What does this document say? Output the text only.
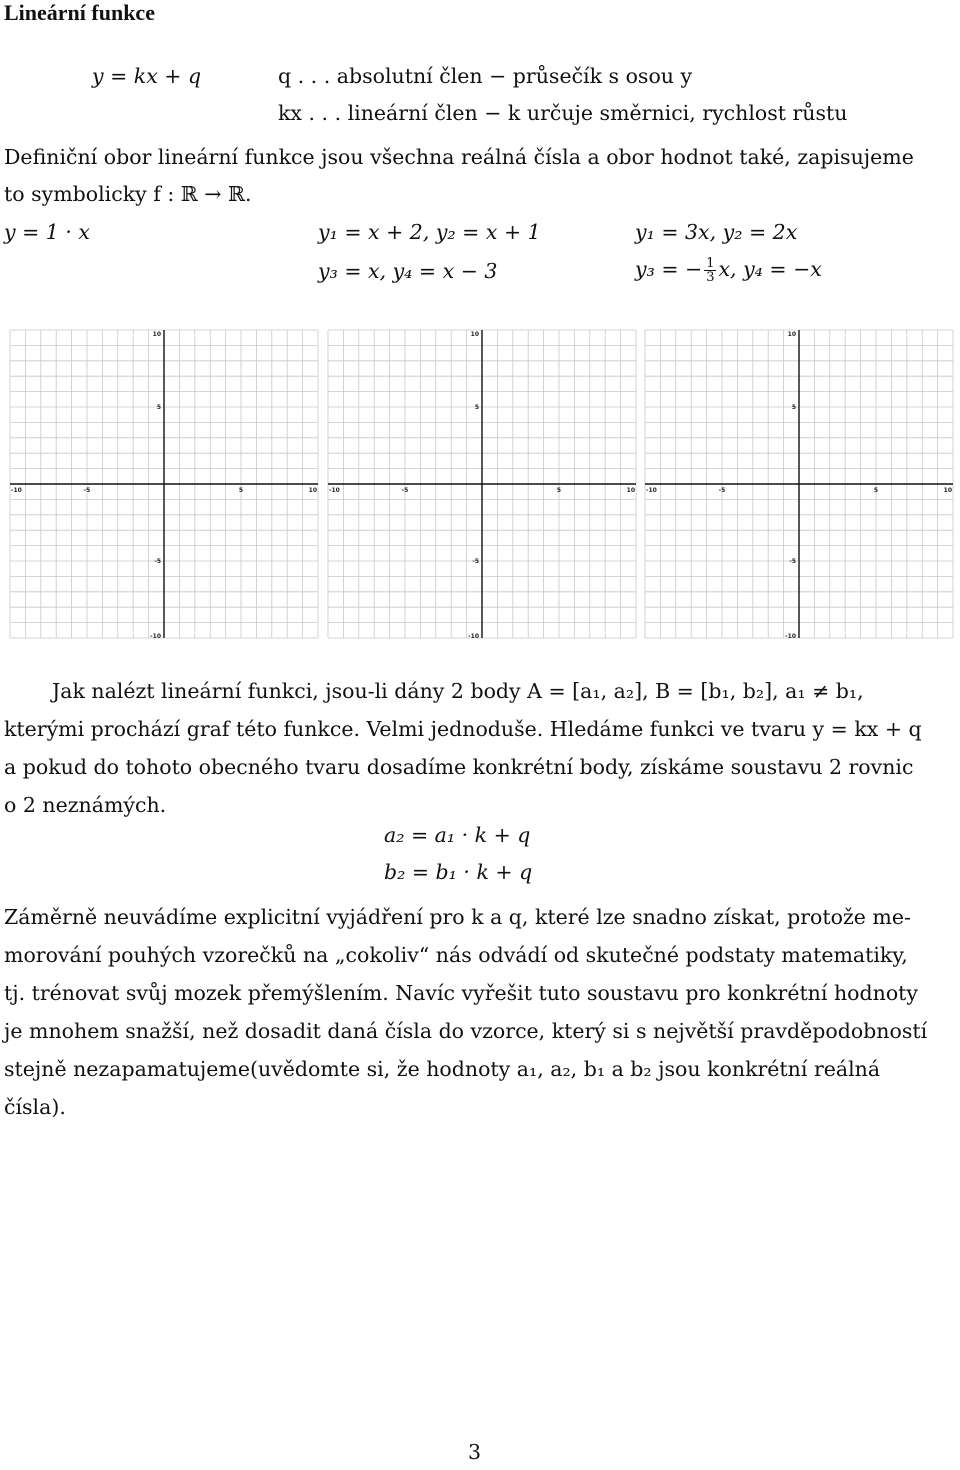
Lineární funkce
y = kx + q	q . . . absolutní člen − průsečík s osou y
kx . . . lineární člen − k určuje směrnici, rychlost růstu
Definiční obor lineární funkce jsou všechna reálná čísla a obor hodnot také, zapisujeme
to symbolicky f : ℝ → ℝ.
y = 1 · x	y₁ = x + 2, y₂ = x + 1
y₃ = x, y₄ = x − 3
y₁ = 3x, y₂ = 2x
y₃ = − $\frac{1}{3} x$, y₄ = −x
-10	-5	5	10
10
5
-5
-10
-10	-5	5	10
10
5
-5
-10
-10	-5	5	10
10
5
-5
-10

Jak nalézt lineární funkci, jsou-li dány 2 body A = [a₁, a₂], B = [b₁, b₂], a₁ ≠ b₁,

kterými prochází graf této funkce. Velmi jednoduše. Hledáme funkci ve tvaru y = kx + q

a pokud do tohoto obecného tvaru dosadíme konkrétní body, získáme soustavu 2 rovnic

o 2 neznámých.

a₂ = a₁ · k + q
b₂ = b₁ · k + q

Záměrně neuvádíme explicitní vyjádření pro k a q, které lze snadno získat, protože me-

morování pouhých vzorečků na „cokoliv“ nás odvádí od skutečné podstaty matematiky,

tj. trénovat svůj mozek přemýšlením. Navíc vyřešit tuto soustavu pro konkrétní hodnoty

je mnohem snažší, než dosadit daná čísla do vzorce, který si s největší pravděpodobností

stejně nezapamatujeme(uvědomte si, že hodnoty a₁, a₂, b₁ a b₂ jsou konkrétní reálná

čísla).

3
